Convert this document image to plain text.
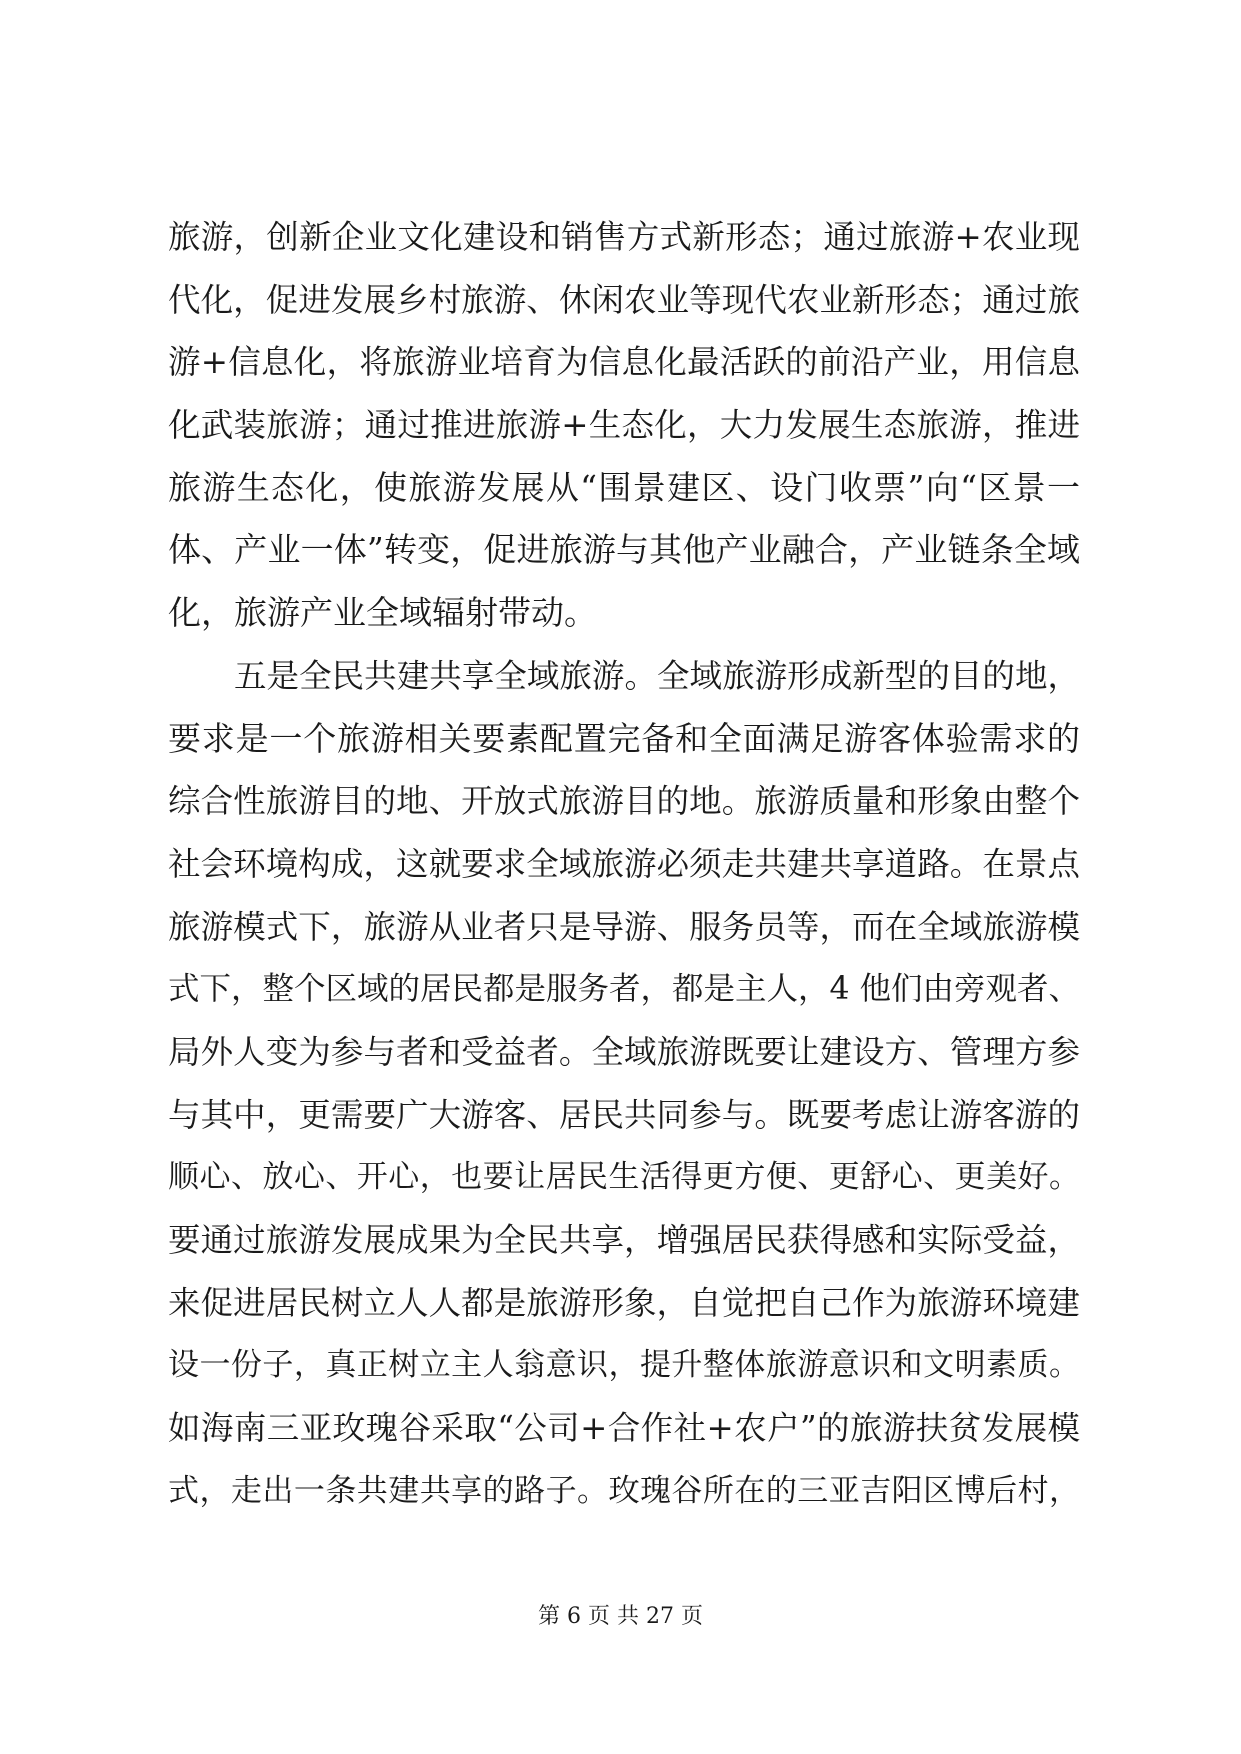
旅游，创新企业文化建设和销售方式新形态；通过旅游+农业现
代化，促进发展乡村旅游、休闲农业等现代农业新形态；通过旅
游+信息化，将旅游业培育为信息化最活跃的前沿产业，用信息
化武装旅游；通过推进旅游+生态化，大力发展生态旅游，推进
旅游生态化，使旅游发展从“围景建区、设门收票”向“区景一
体、产业一体”转变，促进旅游与其他产业融合，产业链条全域
化，旅游产业全域辐射带动。
五是全民共建共享全域旅游。全域旅游形成新型的目的地，
要求是一个旅游相关要素配置完备和全面满足游客体验需求的
综合性旅游目的地、开放式旅游目的地。旅游质量和形象由整个
社会环境构成，这就要求全域旅游必须走共建共享道路。在景点
旅游模式下，旅游从业者只是导游、服务员等，而在全域旅游模
式下，整个区域的居民都是服务者，都是主人，4 他们由旁观者、
局外人变为参与者和受益者。全域旅游既要让建设方、管理方参
与其中，更需要广大游客、居民共同参与。既要考虑让游客游的
顺心、放心、开心，也要让居民生活得更方便、更舒心、更美好。
要通过旅游发展成果为全民共享，增强居民获得感和实际受益，
来促进居民树立人人都是旅游形象，自觉把自己作为旅游环境建
设一份子，真正树立主人翁意识，提升整体旅游意识和文明素质。
如海南三亚玫瑰谷采取“公司+合作社+农户”的旅游扶贫发展模
式，走出一条共建共享的路子。玫瑰谷所在的三亚吉阳区博后村，
第 6 页 共 27 页
